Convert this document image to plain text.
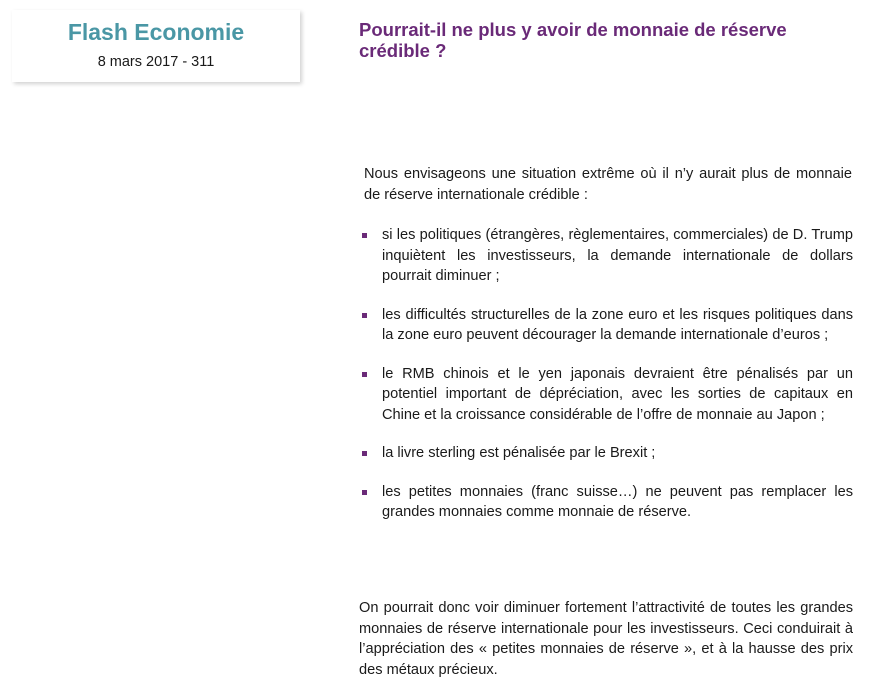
Flash Economie
8 mars 2017 - 311
Pourrait-il ne plus y avoir de monnaie de réserve crédible ?
Nous envisageons une situation extrême où il n’y aurait plus de monnaie de réserve internationale crédible :
si les politiques (étrangères, règlementaires, commerciales) de D. Trump inquiètent les investisseurs, la demande internationale de dollars pourrait diminuer ;
les difficultés structurelles de la zone euro et les risques politiques dans la zone euro peuvent décourager la demande internationale d’euros ;
le RMB chinois et le yen japonais devraient être pénalisés par un potentiel important de dépréciation, avec les sorties de capitaux en Chine et la croissance considérable de l’offre de monnaie au Japon ;
la livre sterling est pénalisée par le Brexit ;
les petites monnaies (franc suisse…) ne peuvent pas remplacer les grandes monnaies comme monnaie de réserve.
On pourrait donc voir diminuer fortement l’attractivité de toutes les grandes monnaies de réserve internationale pour les investisseurs. Ceci conduirait à l’appréciation des « petites monnaies de réserve », et à la hausse des prix des métaux précieux.
